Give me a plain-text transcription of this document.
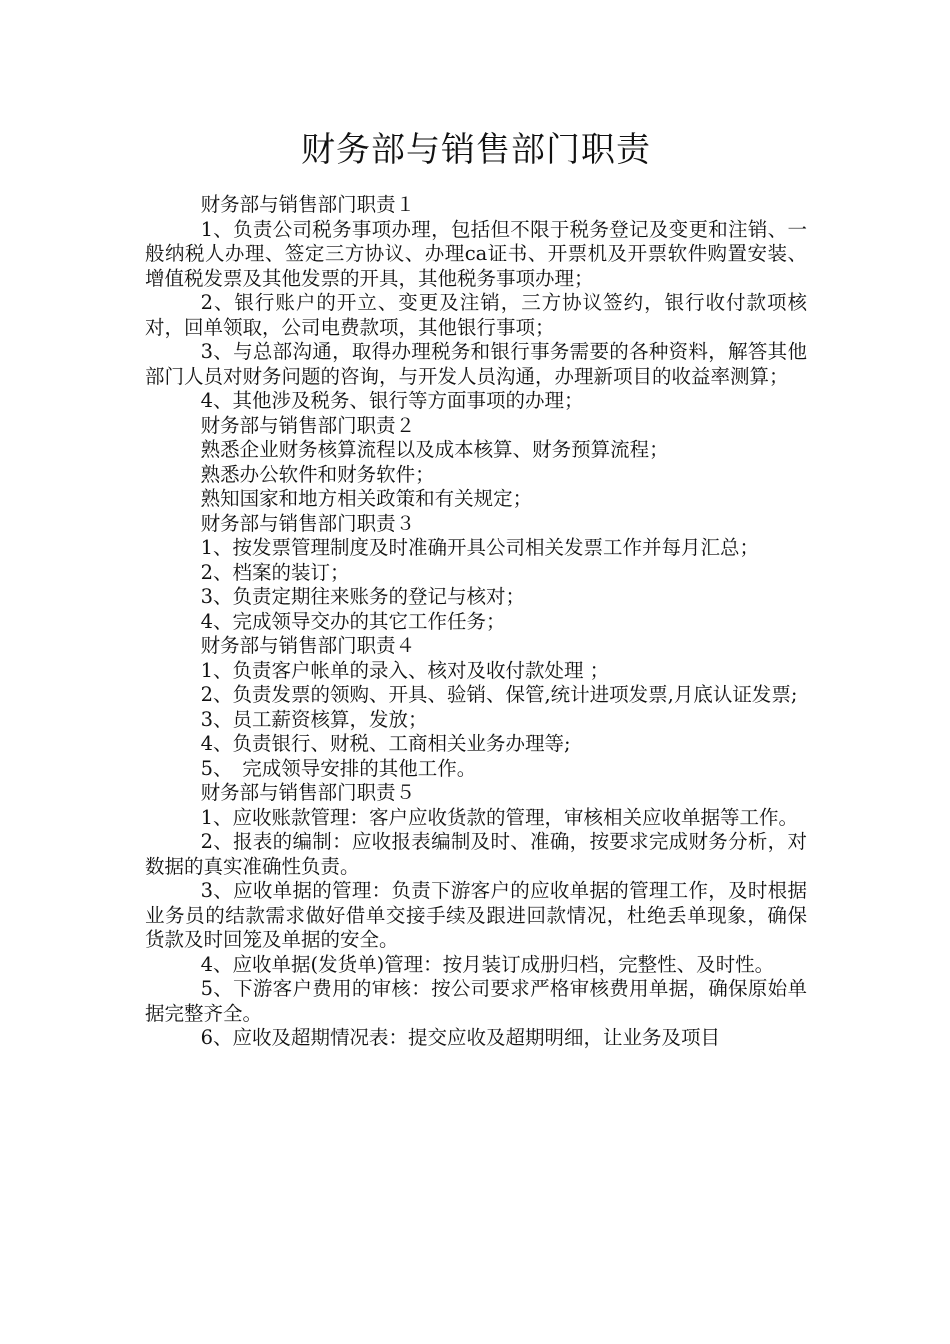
财务部与销售部门职责

财务部与销售部门职责１

1、负责公司税务事项办理，包括但不限于税务登记及变更和注销、一般纳税人办理、签定三方协议、办理ca证书、开票机及开票软件购置安装、增值税发票及其他发票的开具，其他税务事项办理；

2、银行账户的开立、变更及注销，三方协议签约，银行收付款项核对，回单领取，公司电费款项，其他银行事项；

3、与总部沟通，取得办理税务和银行事务需要的各种资料，解答其他部门人员对财务问题的咨询，与开发人员沟通，办理新项目的收益率测算；

4、其他涉及税务、银行等方面事项的办理；

财务部与销售部门职责２

熟悉企业财务核算流程以及成本核算、财务预算流程；

熟悉办公软件和财务软件；

熟知国家和地方相关政策和有关规定；

财务部与销售部门职责３

1、按发票管理制度及时准确开具公司相关发票工作并每月汇总；

2、档案的装订；

3、负责定期往来账务的登记与核对；

4、完成领导交办的其它工作任务；

财务部与销售部门职责４

1、负责客户帐单的录入、核对及收付款处理 ；

2、负责发票的领购、开具、验销、保管,统计进项发票,月底认证发票;

3、员工薪资核算，发放；

4、负责银行、财税、工商相关业务办理等;

5、　完成领导安排的其他工作。

财务部与销售部门职责５

1、应收账款管理：客户应收货款的管理，审核相关应收单据等工作。

2、报表的编制：应收报表编制及时、准确，按要求完成财务分析，对数据的真实准确性负责。

3、应收单据的管理：负责下游客户的应收单据的管理工作，及时根据业务员的结款需求做好借单交接手续及跟进回款情况，杜绝丢单现象，确保货款及时回笼及单据的安全。

4、应收单据(发货单)管理：按月装订成册归档，完整性、及时性。

5、下游客户费用的审核：按公司要求严格审核费用单据，确保原始单据完整齐全。

6、应收及超期情况表：提交应收及超期明细，让业务及项目
